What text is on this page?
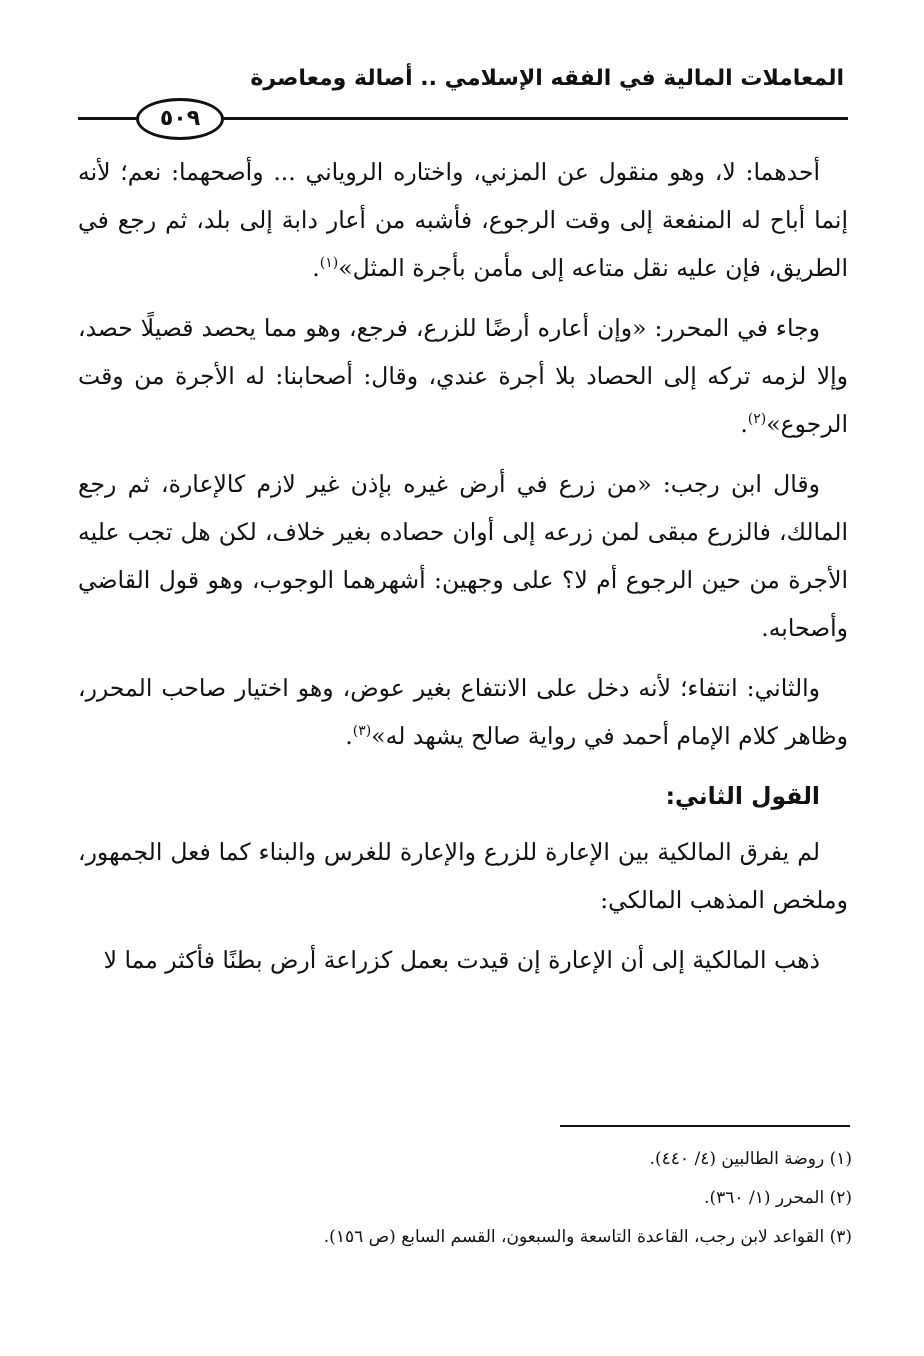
المعاملات المالية في الفقه الإسلامي .. أصالة ومعاصرة
٥٠٩

أحدهما: لا، وهو منقول عن المزني، واختاره الروياني ... وأصحهما: نعم؛ لأنه إنما أباح له المنفعة إلى وقت الرجوع، فأشبه من أعار دابة إلى بلد، ثم رجع في الطريق، فإن عليه نقل متاعه إلى مأمن بأجرة المثل»$^{(١)}$.

وجاء في المحرر: «وإن أعاره أرضًا للزرع، فرجع، وهو مما يحصد قصيلًا حصد، وإلا لزمه تركه إلى الحصاد بلا أجرة عندي، وقال: أصحابنا: له الأجرة من وقت الرجوع»$^{(٢)}$.

وقال ابن رجب: «من زرع في أرض غيره بإذن غير لازم كالإعارة، ثم رجع المالك، فالزرع مبقى لمن زرعه إلى أوان حصاده بغير خلاف، لكن هل تجب عليه الأجرة من حين الرجوع أم لا؟ على وجهين: أشهرهما الوجوب، وهو قول القاضي وأصحابه.

والثاني: انتفاء؛ لأنه دخل على الانتفاع بغير عوض، وهو اختيار صاحب المحرر، وظاهر كلام الإمام أحمد في رواية صالح يشهد له»$^{(٣)}$.

القول الثاني:

لم يفرق المالكية بين الإعارة للزرع والإعارة للغرس والبناء كما فعل الجمهور، وملخص المذهب المالكي:

ذهب المالكية إلى أن الإعارة إن قيدت بعمل كزراعة أرض بطنًا فأكثر مما لا

(١) روضة الطالبين (٤/ ٤٤٠).
(٢) المحرر (١/ ٣٦٠).
(٣) القواعد لابن رجب، القاعدة التاسعة والسبعون، القسم السابع (ص ١٥٦).
